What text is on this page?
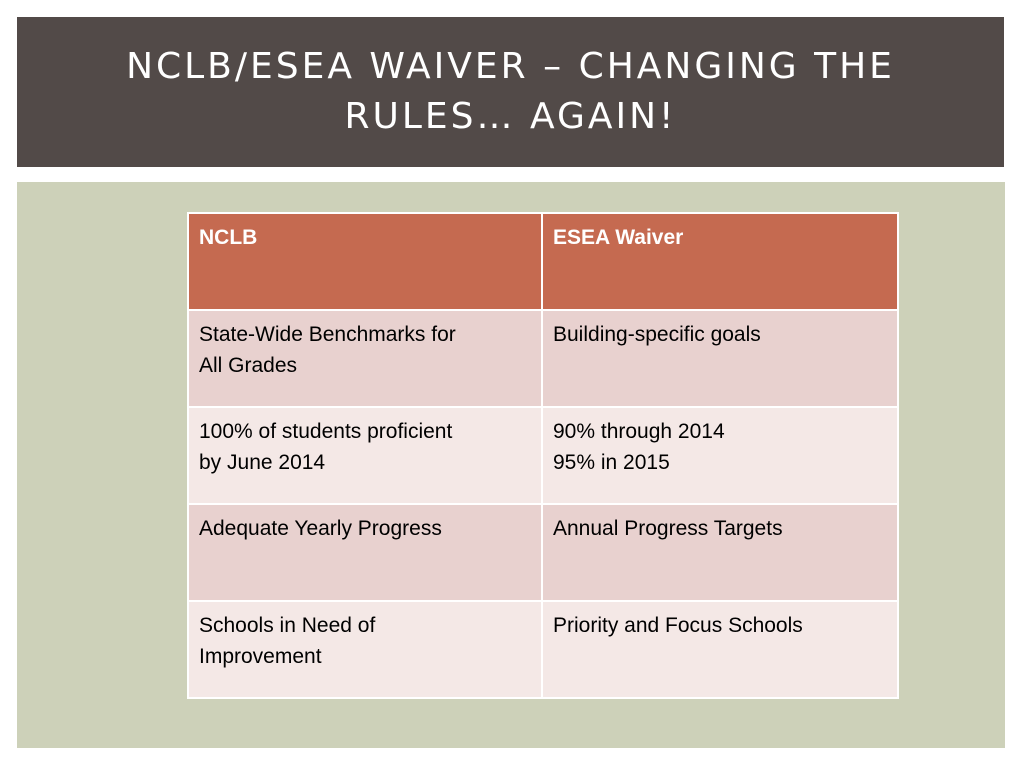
NCLB/ESEA WAIVER – CHANGING THE
RULES… AGAIN!
NCLB	ESEA Waiver
State-Wide Benchmarks for
All Grades	Building-specific goals
100% of students proficient
by June 2014	90% through 2014
95% in 2015
Adequate Yearly Progress	Annual Progress Targets
Schools in Need of
Improvement	Priority and Focus Schools
